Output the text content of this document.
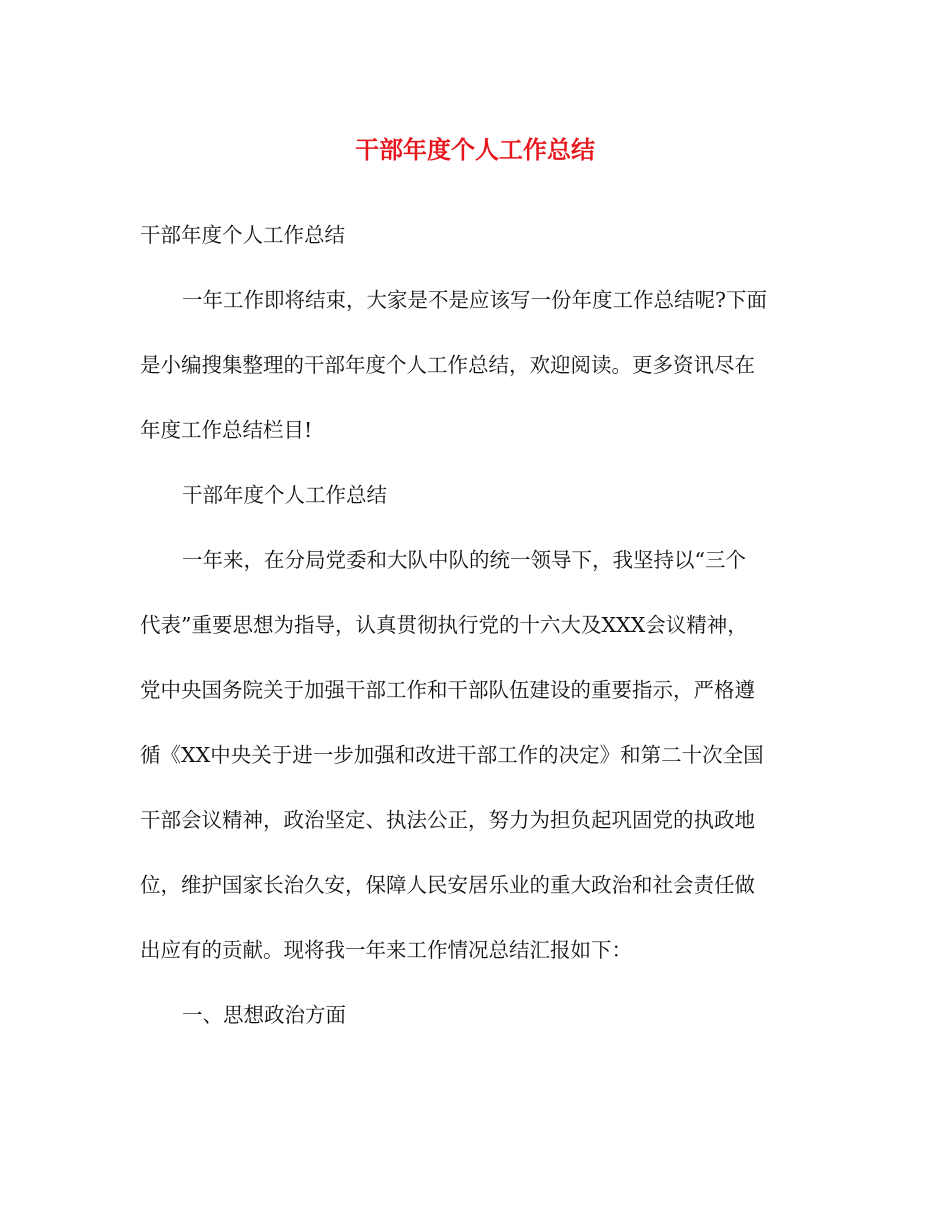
干部年度个人工作总结
干部年度个人工作总结
一年工作即将结束，大家是不是应该写一份年度工作总结呢?下面
是小编搜集整理的干部年度个人工作总结，欢迎阅读。更多资讯尽在
年度工作总结栏目!
干部年度个人工作总结
一年来，在分局党委和大队中队的统一领导下，我坚持以“三个
代表”重要思想为指导，认真贯彻执行党的十六大及XXX会议精神，
党中央国务院关于加强干部工作和干部队伍建设的重要指示，严格遵
循《XX中央关于进一步加强和改进干部工作的决定》和第二十次全国
干部会议精神，政治坚定、执法公正，努力为担负起巩固党的执政地
位，维护国家长治久安，保障人民安居乐业的重大政治和社会责任做
出应有的贡献。现将我一年来工作情况总结汇报如下：
一、思想政治方面
